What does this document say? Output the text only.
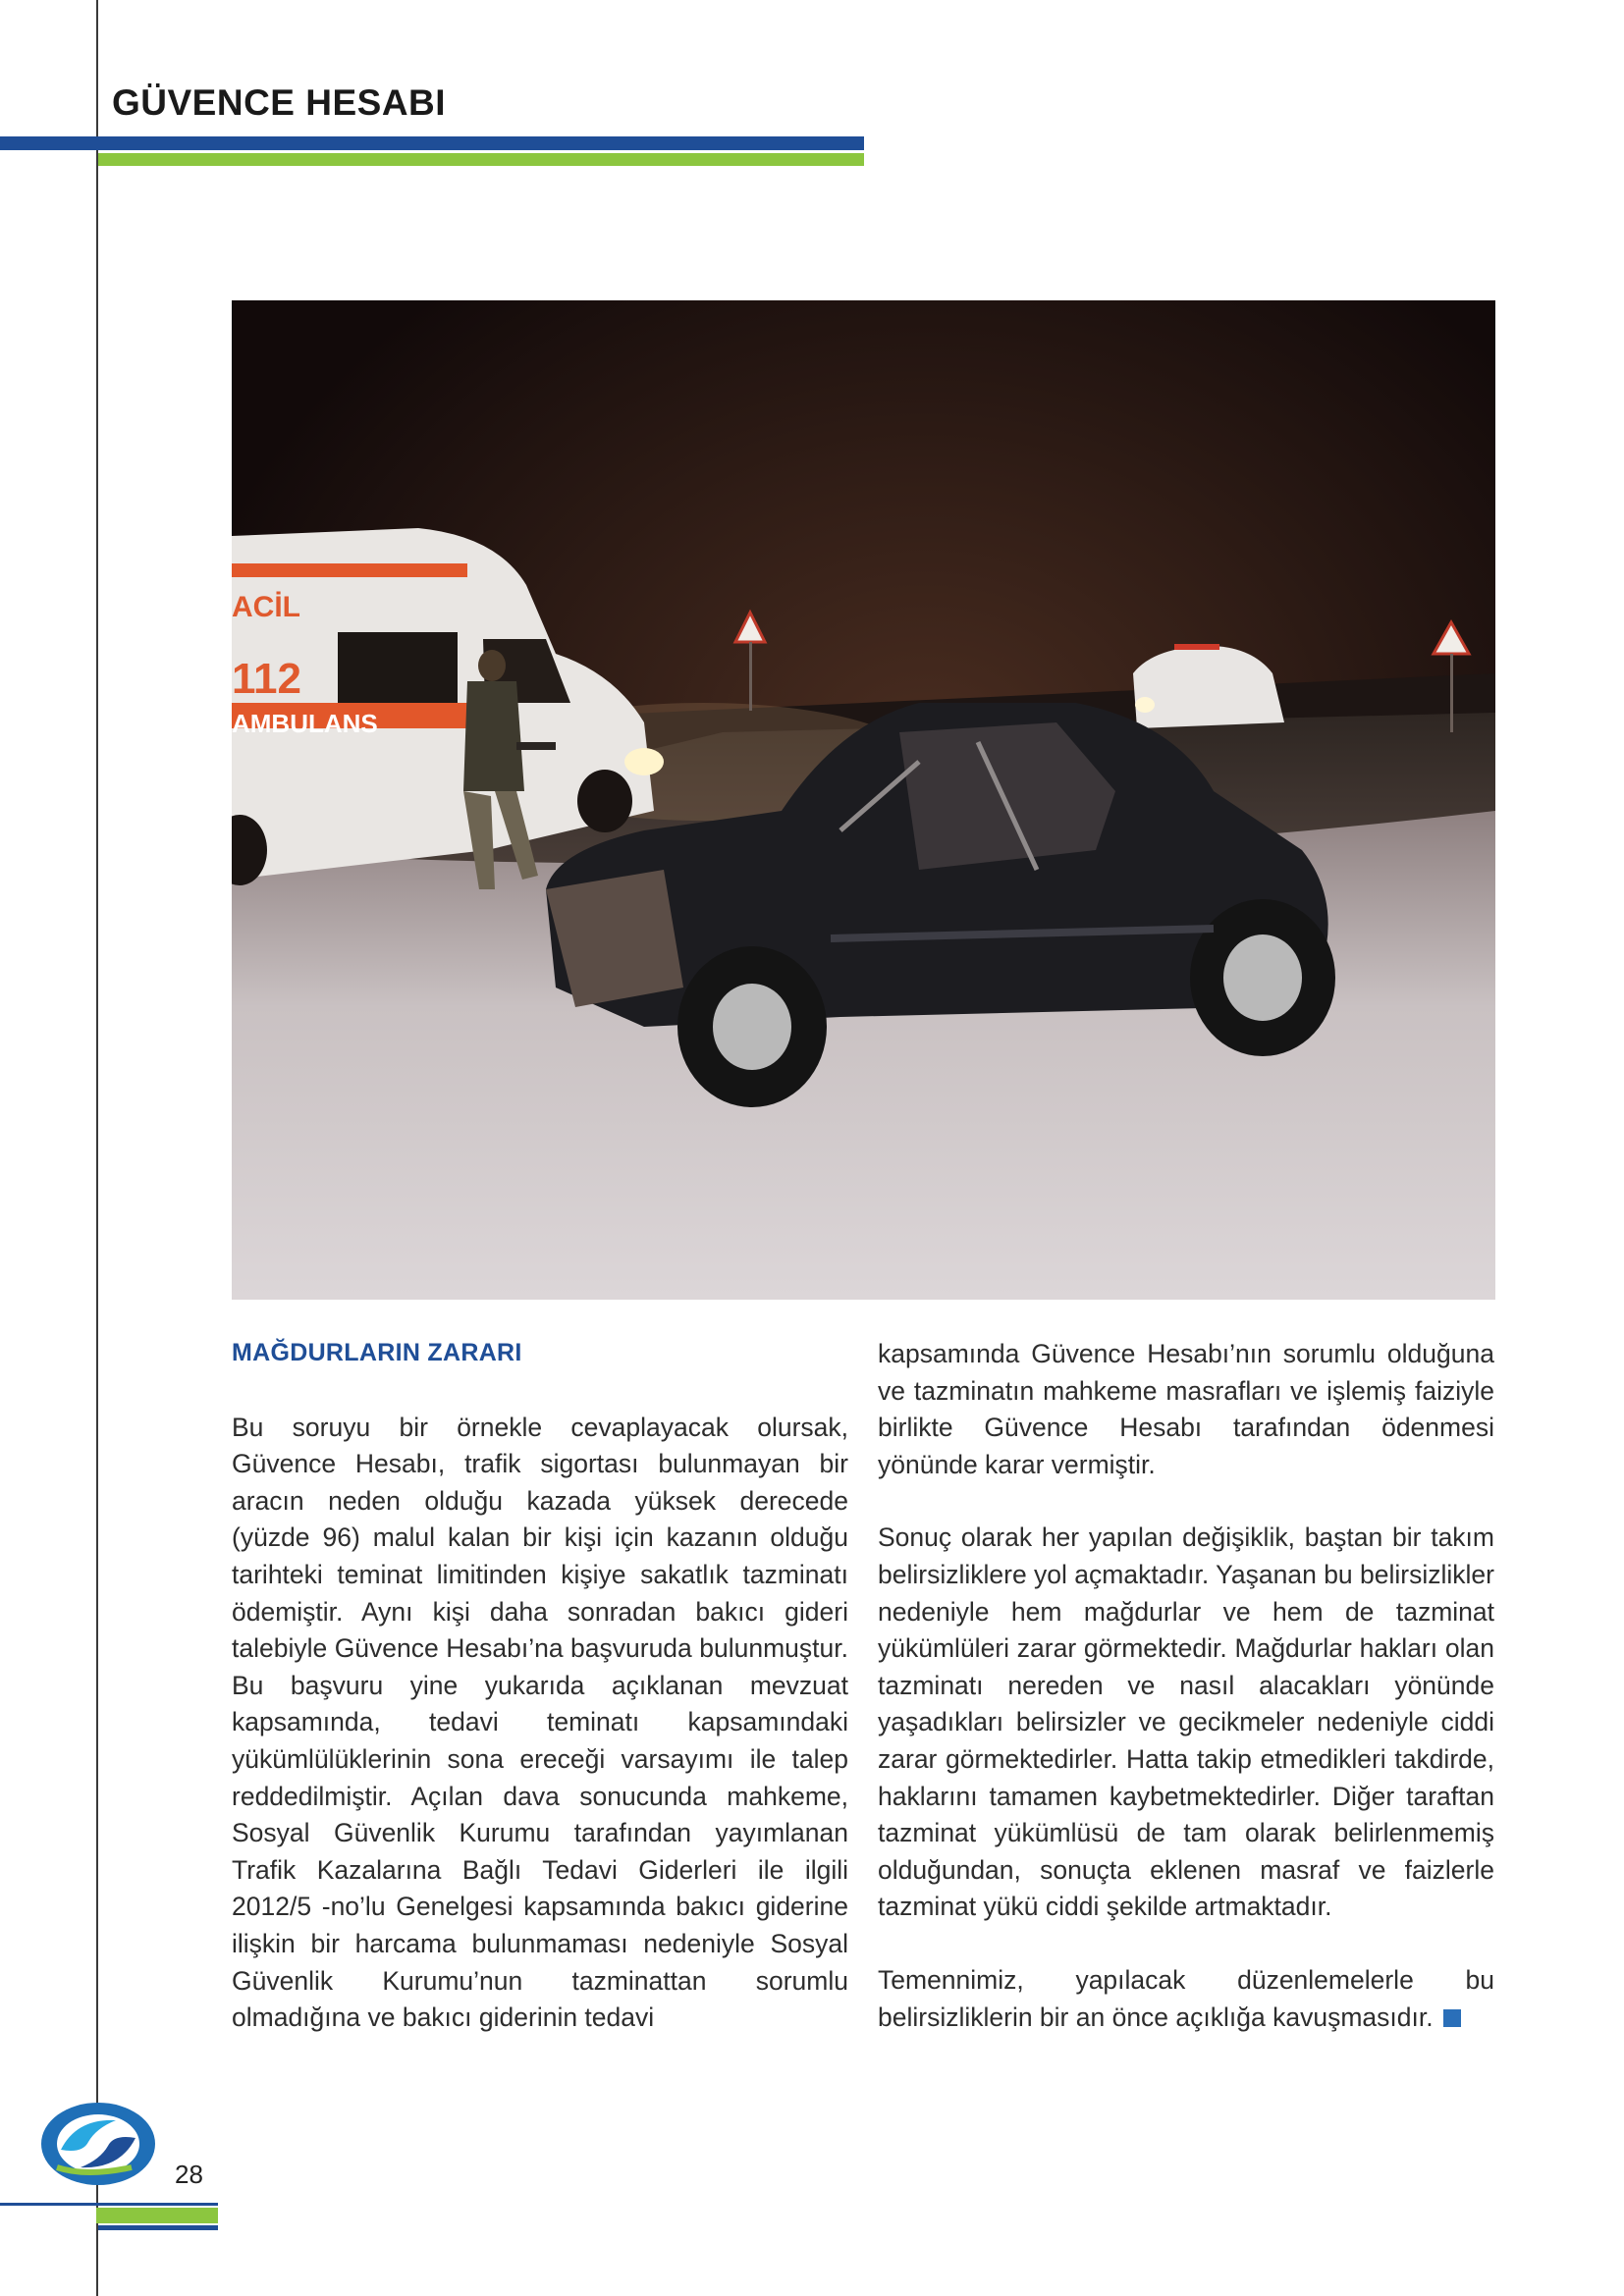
GÜVENCE HESABI
ACİL
112
AMBULANS
MAĞDURLARIN ZARARI

Bu soruyu bir örnekle cevaplayacak olursak, Güvence Hesabı, trafik sigortası bulunmayan bir aracın neden olduğu kazada yüksek derecede (yüzde 96) malul kalan bir kişi için kazanın olduğu tarihteki teminat limitinden kişiye sakatlık tazminatı ödemiştir. Aynı kişi daha sonradan bakıcı gideri talebiyle Güvence Hesabı’na başvuruda bulunmuştur. Bu başvuru yine yukarıda açıklanan mevzuat kapsamında, tedavi teminatı kapsamındaki yükümlülüklerinin sona ereceği varsayımı ile talep reddedilmiştir. Açılan dava sonucunda mahkeme, Sosyal Güvenlik Kurumu tarafından yayımlanan Trafik Kazalarına Bağlı Tedavi Giderleri ile ilgili 2012/5 -no’lu Genelgesi kapsamında bakıcı giderine ilişkin bir harcama bulunmaması nedeniyle Sosyal Güvenlik Kurumu’nun tazminattan sorumlu olmadığına ve bakıcı giderinin tedavi

kapsamında Güvence Hesabı’nın sorumlu olduğuna ve tazminatın mahkeme masrafları ve işlemiş faiziyle birlikte Güvence Hesabı tarafından ödenmesi yönünde karar vermiştir.

Sonuç olarak her yapılan değişiklik, baştan bir takım belirsizliklere yol açmaktadır. Yaşanan bu belirsizlikler nedeniyle hem mağdurlar ve hem de tazminat yükümlüleri zarar görmektedir. Mağdurlar hakları olan tazminatı nereden ve nasıl alacakları yönünde yaşadıkları belirsizler ve gecikmeler nedeniyle ciddi zarar görmektedirler. Hatta takip etmedikleri takdirde, haklarını tamamen kaybetmektedirler. Diğer taraftan tazminat yükümlüsü de tam olarak belirlenmemiş olduğundan, sonuçta eklenen masraf ve faizlerle tazminat yükü ciddi şekilde artmaktadır.

Temennimiz, yapılacak düzenlemelerle bu belirsizliklerin bir an önce açıklığa kavuşmasıdır.

28
